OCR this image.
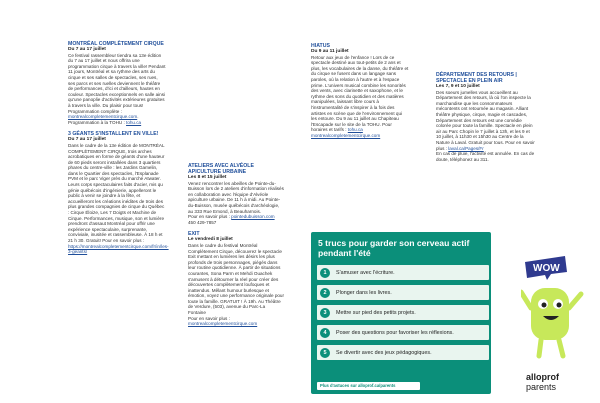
MONTRÉAL COMPLÈTEMENT CIRQUE

Du 7 au 17 juillet

Ce festival rassembleur tiendra sa 13e édition du 7 au 17 juillet et nous offrira une programmation cirque à travers la ville! Pendant 11 jours, Montréal et sa rythme des arts du cirque et ses salles de spectacles, ses rues, ses parcs et ses ruelles deviennent le théâtre de performances, d'ici et d'ailleurs, hautes en couleur. Spectacles exceptionnels en salle ainsi qu'une panoplie d'activités extérieures gratuites à travers la ville. Du plaisir pour tous! Programmation complète : montrealcompletementcirque.com. Programmation à la TOHU : tohu.ca

3 GÉANTS S'INSTALLENT EN VILLE!

Du 7 au 17 juillet

Dans le cadre de la 13e édition de MONTRÉAL COMPLÈTEMENT CIRQUE, trois arches acrobatiques en forme de géants d'une hauteur de 60 pieds seront installées dans 3 quartiers phares du centre-ville : les Jardins Gamelin, dans le Quartier des spectacles, l'Esplanade PVM et le parc Viger près du marché Atwater. Leurs corps spectaculaires faits d'acier, mis qu génie québécois d'ingénierie, appelleront le public à venir se joindre à la fête, et accueilleront les créations inédites de trois des plus grandes compagnies de cirque du Québec : Cirque Éloize, Les 7 Doigts et Machine de Cirque. Performances, musique, son et lumière prendront d'assaut Montréal pour offrir une expérience spectaculaire, surprenante, conviviale, inusitée et rassembleuse. À 18 h et 21 h 30. Gratuit! Pour en savoir plus : https://montrealcompletementcirque.com/fr/in/les-3-geants/

ATELIERS AVEC ALVÉOLE APICULTURE URBAINE

Les 8 et 15 juillet

Venez rencontrer les abeilles de Pointe-du-Buisson lors de 2 ateliers d'information réalisés en collaboration avec l'équipe d'Alvéole apiculture urbaine. De 11 h à midi. Au Pointe-du-Buisson, musée québécois d'archéologie, au 333 Rue Emond, à Beauharnois.

Pour en savoir plus : pointedubuisson.com

450 429-7857

EXIT

Le vendredi 8 juillet

Dans le cadre du festival Montréal Complètement Cirque, découvrez le spectacle Exit mettant en lumières les désirs les plus profonds de trois personnages, piégés dans leur routine quotidienne. À partir de situations courantes, Sona Parm et Mehdi Ouachek s'amusent à détourner la réel pour créer des découvertes complètement loufoques et inattendus. Mêlant humour burlesque et émotion, voyez une performance originale pour toute la famille. GRATUIT ! À 19h. Au Théâtre de Verdure, (503), avenue du Parc-La Fontaine

Pour en savoir plus :

montrealcompletementcirque.com

HIATUS

Du 9 au 11 juillet

Retour aux jeux de l'enfance ! Lors de ce spectacle destiné aux tout-petits de 2 ans et plus, les vocabulaires de la danse, du théâtre et du cirque se fusent dans un langage sans paroles, où la relation à l'autre et à l'espace prime. L'univers musical combine les sonorités des vents, avec clarinette et saxophone, et le rythme des sons du quotidien et des matières manipulées, laissant libre cours à l'instrumentalité de s'inspirer à la fois des artistes en scène que de l'environnement qui les entoure. Du 9 au 11 juillet au Chapiteau l'Escapade sur le site de la TOHU. Pour horaires et tarifs : tohu.ca montrealcompletementcirque.com

DÉPARTEMENT DES RETOURS | SPECTACLE EN PLEIN AIR

Les 7, 9 et 10 juillet

Des soeurs jumelles vous accueillent au Département des retours, là où l'on inspecte la marchandise que les consommateurs mécontents ont retournée au magasin. Alliant théâtre physique, cirque, magie et cascades, Département des retours est une comédie colorée pour toute la famille. Spectacle en plein air au Parc Chopin le 7 juillet à 13h, et les 9 et 10 juillet, à 11h30 et 15h30 au Centre de la Nature à Laval. Gratuit pour tous. Pour en savoir plus : laval.ca/Pages/Fr

En cas de pluie, l'activité est annulée. En cas de doute, téléphonez au 311.

5 trucs pour garder son cerveau actif pendant l'été
1	S'amuser avec l'écriture.
2	Plonger dans les livres.
3	Mettre sur pied des petits projets.
4	Poser des questions pour favoriser les réflexions.
5	Se divertir avec des jeux pédagogiques.
Plus d'astuces sur alloprof.ca/parents
WOW
alloprof parents
